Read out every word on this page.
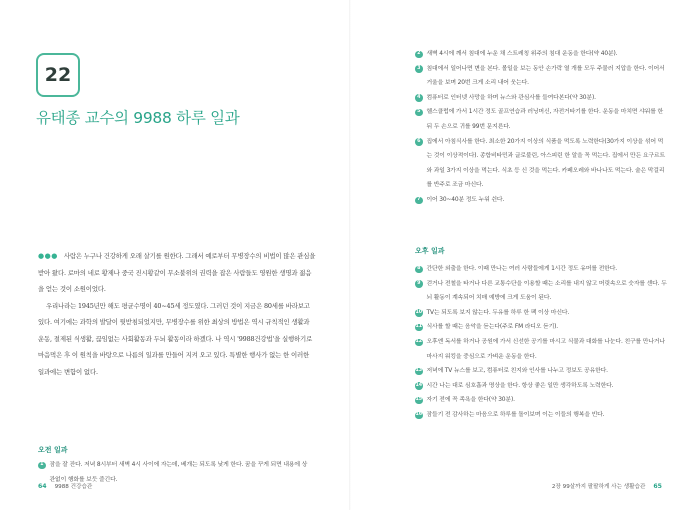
22
유태종 교수의 9988 하루 일과

●●● 사람은 누구나 건강하게 오래 살기를 원한다. 그래서 예로부터 무병장수의 비법이 많은 관심을 받아 왔다. 로마의 네로 황제나 중국 진시황같이 무소불위의 권력을 잡은 사람들도 영원한 생명과 젊음을 얻는 것이 소원이었다.

우리나라는 1945년만 해도 평균수명이 40~45세 정도였다. 그러던 것이 지금은 80세를 바라보고 있다. 여기에는 과학의 발달이 뒷받침되었지만, 무병장수를 위한 최상의 방법은 역시 규칙적인 생활과 운동, 절제된 식생활, 끊임없는 사회활동과 두뇌 활동이라 하겠다. 나 역시 '9988건강법'을 실행하기로 마음먹은 후 이 원칙을 바탕으로 나름의 일과를 만들어 지켜 오고 있다. 특별한 행사가 없는 한 이러한 일과에는 변함이 없다.

오전 일과
1	잠을 잘 잔다. 저녁 8시부터 새벽 4시 사이에 자는데, 베개는 되도록 낮게 한다. 꿈을 꾸게 되면 내용에 상관없이 행화를 보듯 즐긴다.
64 9988 건강습관
2	새벽 4시에 깨서 침대에 누운 채 스트레칭 위주의 침대 운동을 한다(약 40분).
3	침대에서 일어나면 변을 본다. 볼일을 보는 동안 손가락 열 개를 모두 주물러 지압을 한다. 이어서 거울을 보며 20번 크게 소리 내어 웃는다.
4	컴퓨터로 인터넷 사망을 하며 뉴스와 관심사를 들여다본다(약 30분).
5	헬스클럽에 가서 1시간 정도 골프연습과 러닝머신, 자전거타기를 한다. 운동을 마치면 샤워를 한 뒤 두 손으로 귀를 99번 문지른다.
6	집에서 아침식사를 한다. 최소한 20가지 이상의 식품을 먹도록 노력한다(30가지 이상을 섞어 먹는 것이 이상적이다). 종합비타민과 글로불린, 아스피린 한 알을 꼭 먹는다. 집에서 만든 요구르트와 과일 3가지 이상을 먹는다. 식초 등 신 것을 먹는다. 카페오레와 바나나도 먹는다. 술은 막걸리를 반주로 조금 마신다.
7	이어 30~40분 정도 누워 쉰다.
오후 일과
8	간단한 외출을 한다. 이때 만나는 여러 사람들에게 1시간 정도 유머를 전한다.
9	걷거나 전철을 타거나 다른 교통수단을 이용할 때는 소리를 내지 않고 머릿속으로 숫자를 센다. 두뇌 활동이 계속되어 치매 예방에 크게 도움이 된다.
10 TV는 되도록 보지 않는다. 두유를 하루 한 팩 이상 마신다.
11 식사를 할 때는 음악을 듣는다(주로 FM 라디오 듣기).
12 오후엔 독서를 하거나 공원에 가서 신선한 공기를 마시고 식물과 대화를 나눈다. 친구를 만나거나 마사지 워킹을 중심으로 가벼운 운동을 한다.
13 저녁에 TV 뉴스를 보고, 컴퓨터로 친지와 인사를 나누고 정보도 공유한다.
14 시간 나는 대로 심호흡과 명상을 한다. 항상 좋은 일만 생각하도록 노력한다.
15 자기 전에 꼭 족욕을 한다(약 30분).
16 잠들기 전 감사하는 마음으로 하루를 돌이보며 이는 이들의 행복을 빈다.
2장 99살까지 팔팔하게 사는 생활습관 65
